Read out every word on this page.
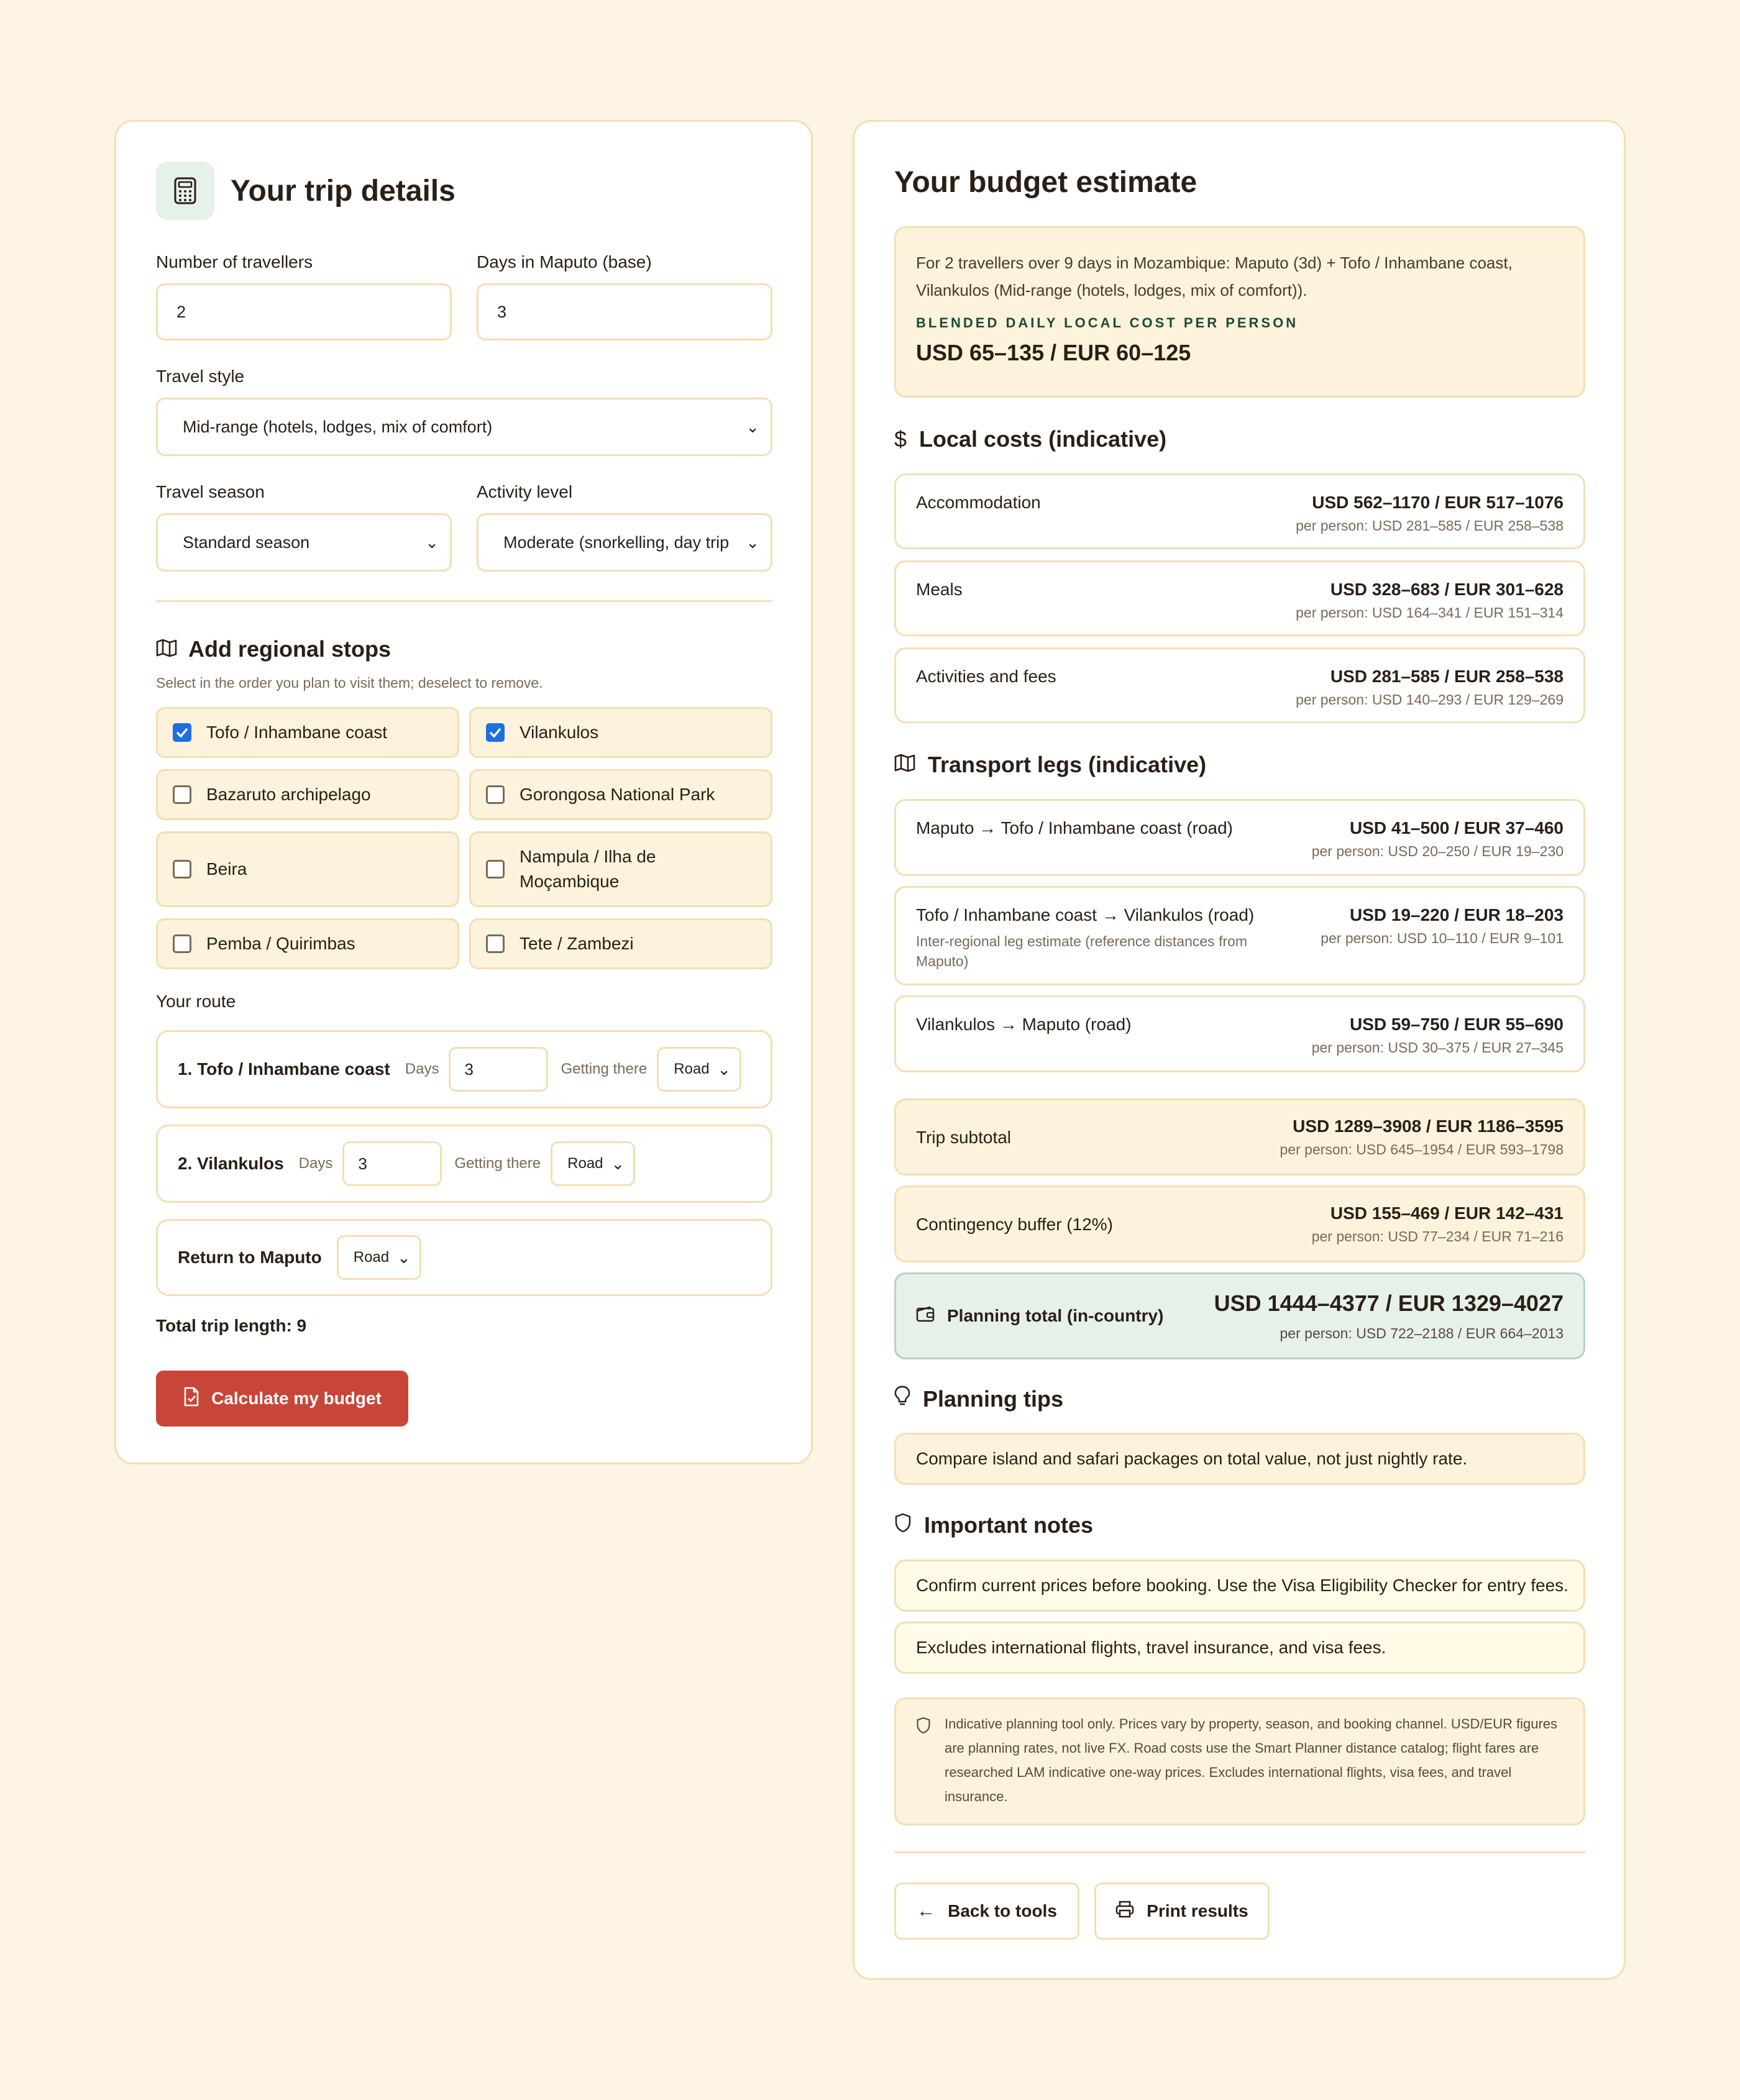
Your trip details
Number of travellers
2
Days in Maputo (base)
3
Travel style
Mid-range (hotels, lodges, mix of comfort)	⌄
Travel season
Standard season	⌄
Activity level
Moderate (snorkelling, day trip	⌄
Add regional stops
Select in the order you plan to visit them; deselect to remove.
Tofo / Inhambane coast	Vilankulos
Bazaruto archipelago	Gorongosa National Park
Beira
Nampula / Ilha de Moçambique
Pemba / Quirimbas	Tete / Zambezi
Your route
1. Tofo / Inhambane coast Days	3	Getting there Road ⌄
2. Vilankulos Days	3	Getting there Road ⌄
Return to Maputo Road ⌄
Total trip length: 9
Calculate my budget
Your budget estimate
For 2 travellers over 9 days in Mozambique: Maputo (3d) + Tofo / Inhambane coast, Vilankulos (Mid-range (hotels, lodges, mix of comfort)).
BLENDED DAILY LOCAL COST PER PERSON
USD 65–135 / EUR 60–125
$ Local costs (indicative)
Accommodation	USD 562–1170 / EUR 517–1076
per person: USD 281–585 / EUR 258–538
Meals	USD 328–683 / EUR 301–628
per person: USD 164–341 / EUR 151–314
Activities and fees	USD 281–585 / EUR 258–538
per person: USD 140–293 / EUR 129–269
Transport legs (indicative)
Maputo → Tofo / Inhambane coast (road)	USD 41–500 / EUR 37–460
per person: USD 20–250 / EUR 19–230
Tofo / Inhambane coast → Vilankulos (road)
Inter-regional leg estimate (reference distances from Maputo)
USD 19–220 / EUR 18–203
per person: USD 10–110 / EUR 9–101
Vilankulos → Maputo (road)	USD 59–750 / EUR 55–690
per person: USD 30–375 / EUR 27–345
Trip subtotal
USD 1289–3908 / EUR 1186–3595
per person: USD 645–1954 / EUR 593–1798
Contingency buffer (12%)
USD 155–469 / EUR 142–431
per person: USD 77–234 / EUR 71–216
Planning total (in-country) USD 1444–4377 / EUR 1329–4027
per person: USD 722–2188 / EUR 664–2013
Planning tips
Compare island and safari packages on total value, not just nightly rate.
Important notes
Confirm current prices before booking. Use the Visa Eligibility Checker for entry fees.
Excludes international flights, travel insurance, and visa fees.
Indicative planning tool only. Prices vary by property, season, and booking channel. USD/EUR figures are planning rates, not live FX. Road costs use the Smart Planner distance catalog; flight fares are researched LAM indicative one-way prices. Excludes international flights, visa fees, and travel insurance.
← Back to tools	Print results
